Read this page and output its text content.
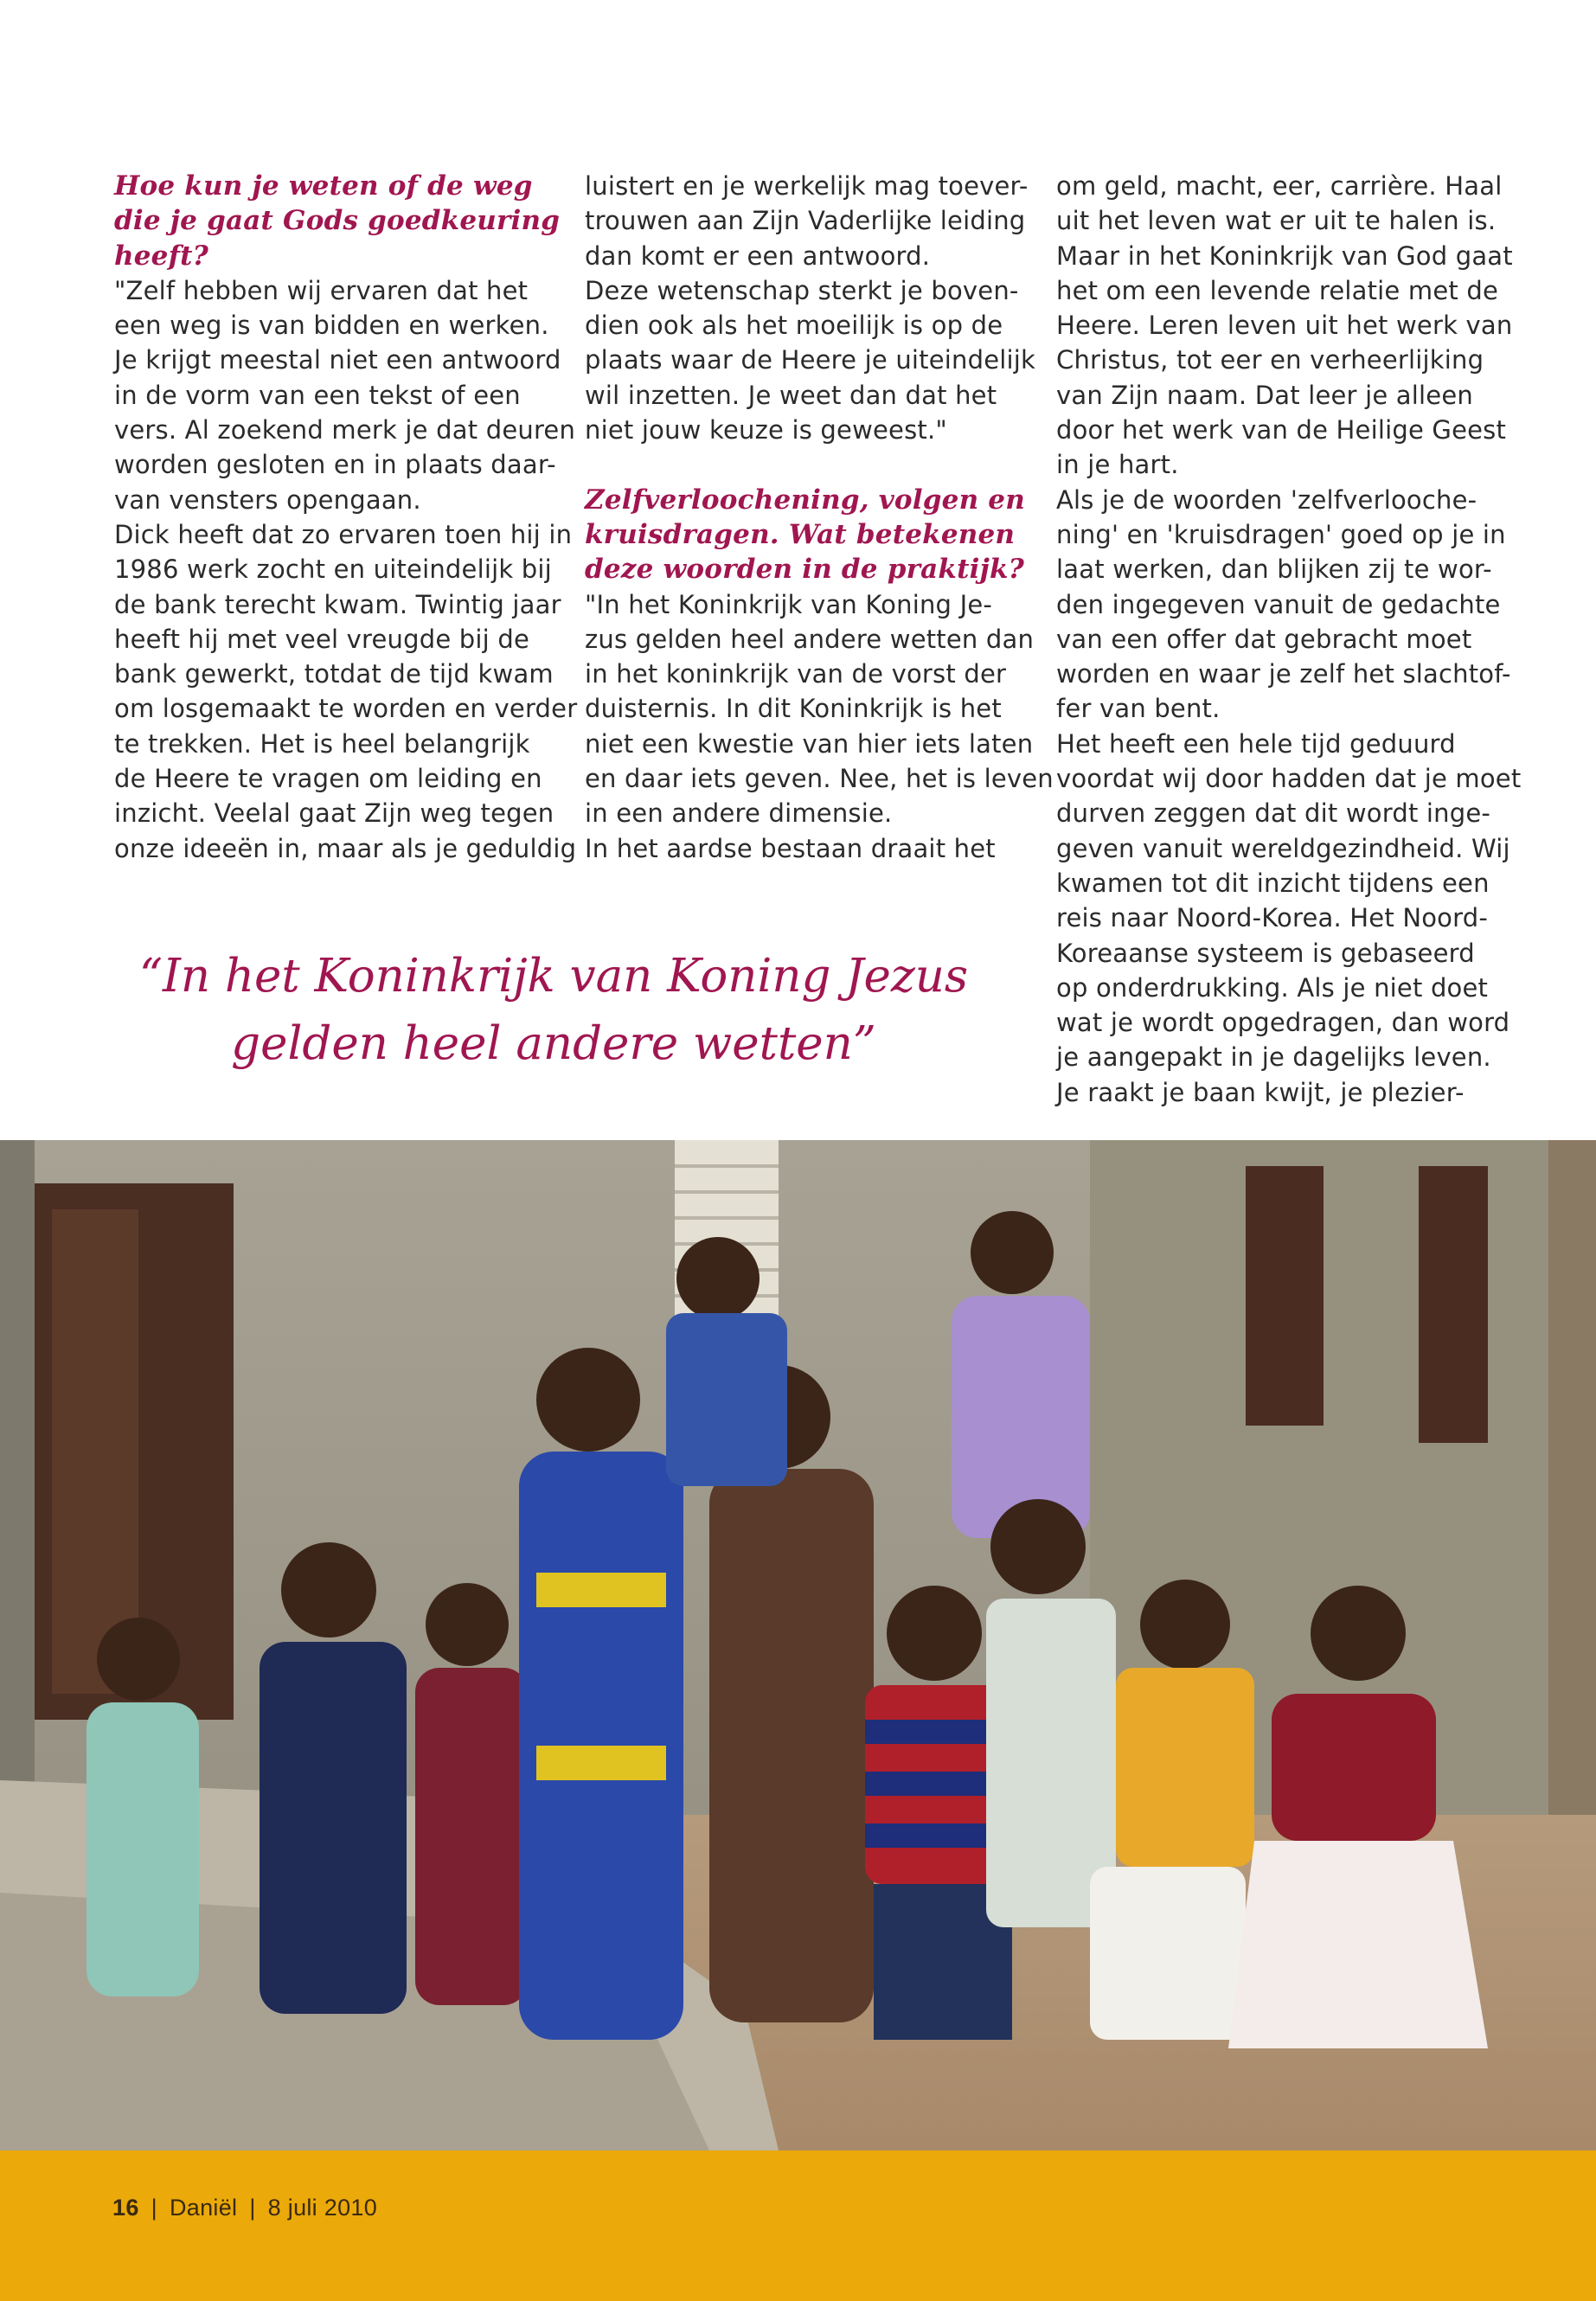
Hoe kun je weten of de weg
die je gaat Gods goedkeuring
heeft?
"Zelf hebben wij ervaren dat het
een weg is van bidden en werken.
Je krijgt meestal niet een antwoord
in de vorm van een tekst of een
vers. Al zoekend merk je dat deuren
worden gesloten en in plaats daar-
van vensters opengaan.
Dick heeft dat zo ervaren toen hij in
1986 werk zocht en uiteindelijk bij
de bank terecht kwam. Twintig jaar
heeft hij met veel vreugde bij de
bank gewerkt, totdat de tijd kwam
om losgemaakt te worden en verder
te trekken. Het is heel belangrijk
de Heere te vragen om leiding en
inzicht. Veelal gaat Zijn weg tegen
onze ideeën in, maar als je geduldig
luistert en je werkelijk mag toever-
trouwen aan Zijn Vaderlijke leiding
dan komt er een antwoord.
Deze wetenschap sterkt je boven-
dien ook als het moeilijk is op de
plaats waar de Heere je uiteindelijk
wil inzetten. Je weet dan dat het
niet jouw keuze is geweest."
Zelfverloochening, volgen en
kruisdragen. Wat betekenen
deze woorden in de praktijk?
"In het Koninkrijk van Koning Je-
zus gelden heel andere wetten dan
in het koninkrijk van de vorst der
duisternis. In dit Koninkrijk is het
niet een kwestie van hier iets laten
en daar iets geven. Nee, het is leven
in een andere dimensie.
In het aardse bestaan draait het
om geld, macht, eer, carrière. Haal
uit het leven wat er uit te halen is.
Maar in het Koninkrijk van God gaat
het om een levende relatie met de
Heere. Leren leven uit het werk van
Christus, tot eer en verheerlijking
van Zijn naam. Dat leer je alleen
door het werk van de Heilige Geest
in je hart.
Als je de woorden 'zelfverlooche-
ning' en 'kruisdragen' goed op je in
laat werken, dan blijken zij te wor-
den ingegeven vanuit de gedachte
van een offer dat gebracht moet
worden en waar je zelf het slachtof-
fer van bent.
Het heeft een hele tijd geduurd
voordat wij door hadden dat je moet
durven zeggen dat dit wordt inge-
geven vanuit wereldgezindheid. Wij
kwamen tot dit inzicht tijdens een
reis naar Noord-Korea. Het Noord-
Koreaanse systeem is gebaseerd
op onderdrukking. Als je niet doet
wat je wordt opgedragen, dan word
je aangepakt in je dagelijks leven.
Je raakt je baan kwijt, je plezier-
“In het Koninkrijk van Koning Jezus
gelden heel andere wetten”
16 | Daniël | 8 juli 2010
